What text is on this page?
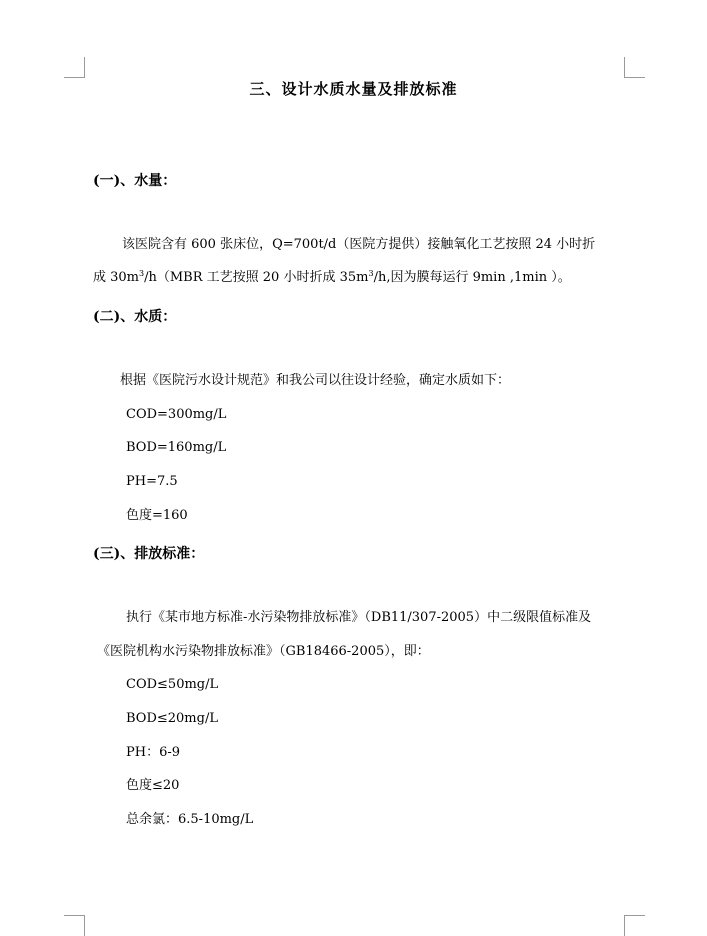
三、设计水质水量及排放标准
(一)、水量：
该医院含有 600 张床位，Q=700t/d（医院方提供）接触氧化工艺按照 24 小时折
成 $30m^3/h(MBR$ 工艺按照 20 小时折成 $35m^3/h$,因为膜每运行 9min ,1min ）。
(二)、水质：
根据《医院污水设计规范》和我公司以往设计经验，确定水质如下：
COD=300mg/L
BOD=160mg/L
PH=7.5
色度=160
(三)、排放标准：
执行《某市地方标准-水污染物排放标准》（DB11/307-2005）中二级限值标准及
《医院机构水污染物排放标准》（GB18466-2005），即：
COD≤50mg/L
BOD≤20mg/L
PH：6-9
色度≤20
总余氯：6.5-10mg/L
